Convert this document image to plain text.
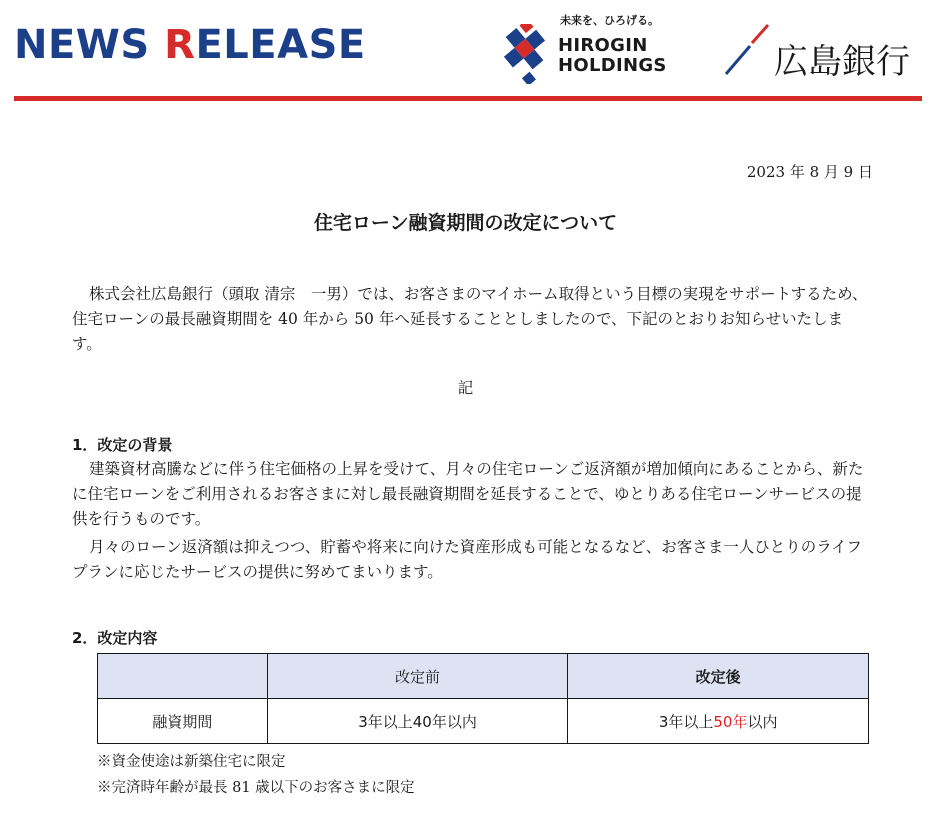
NEWS RELEASE
未来を、ひろげる。
HIROGIN
HOLDINGS	広島銀行
2023 年 8 月 9 日
住宅ローン融資期間の改定について
株式会社広島銀行（頭取 清宗　一男）では、お客さまのマイホーム取得という目標の実現をサポートするため、住宅ローンの最長融資期間を 40 年から 50 年へ延長することとしましたので、下記のとおりお知らせいたします。
記
1．改定の背景
建築資材高騰などに伴う住宅価格の上昇を受けて、月々の住宅ローンご返済額が増加傾向にあることから、新たに住宅ローンをご利用されるお客さまに対し最長融資期間を延長することで、ゆとりある住宅ローンサービスの提供を行うものです。
月々のローン返済額は抑えつつ、貯蓄や将来に向けた資産形成も可能となるなど、お客さま一人ひとりのライフプランに応じたサービスの提供に努めてまいります。
2．改定内容
	改定前	改定後
融資期間	3年以上40年以内	3年以上50年以内
※資金使途は新築住宅に限定
※完済時年齢が最長 81 歳以下のお客さまに限定
